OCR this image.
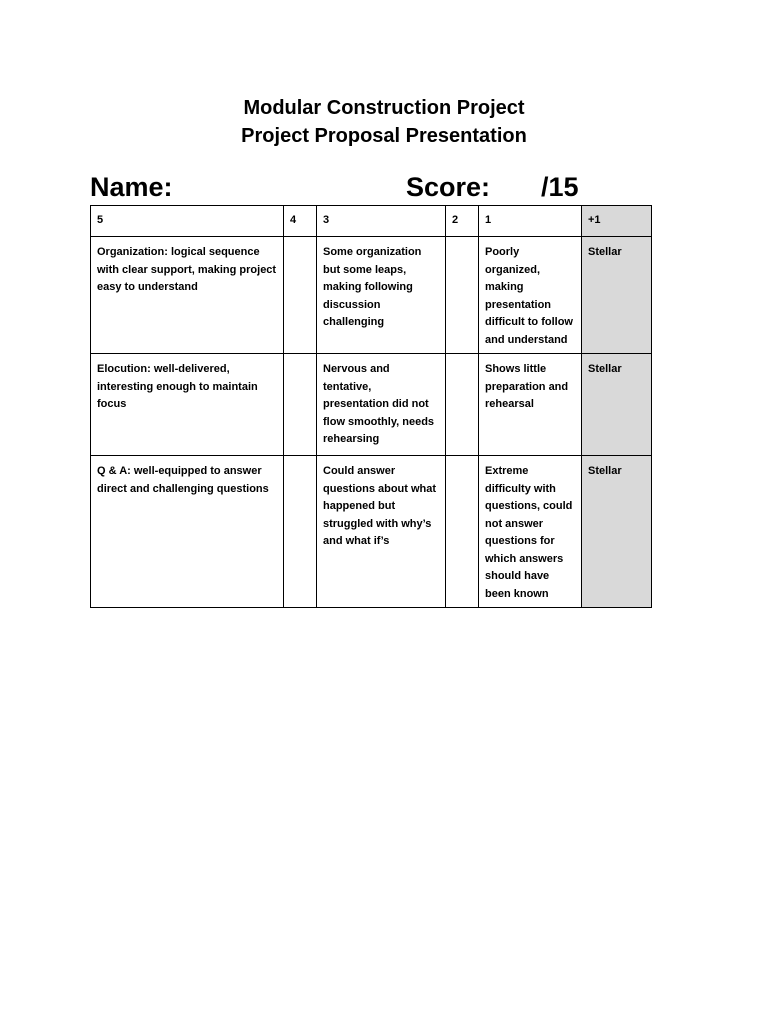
Modular Construction Project
Project Proposal Presentation
Name:	Score: /15
5	4	3	2	1	+1
Organization: logical sequence with clear support, making project easy to understand		Some organization but some leaps, making following discussion challenging		Poorly organized, making presentation difficult to follow and understand	Stellar
Elocution: well-delivered, interesting enough to maintain focus		Nervous and tentative, presentation did not flow smoothly, needs rehearsing		Shows little preparation and rehearsal	Stellar
Q & A: well-equipped to answer direct and challenging questions		Could answer questions about what happened but struggled with why’s and what if’s		Extreme difficulty with questions, could not answer questions for which answers should have been known	Stellar
